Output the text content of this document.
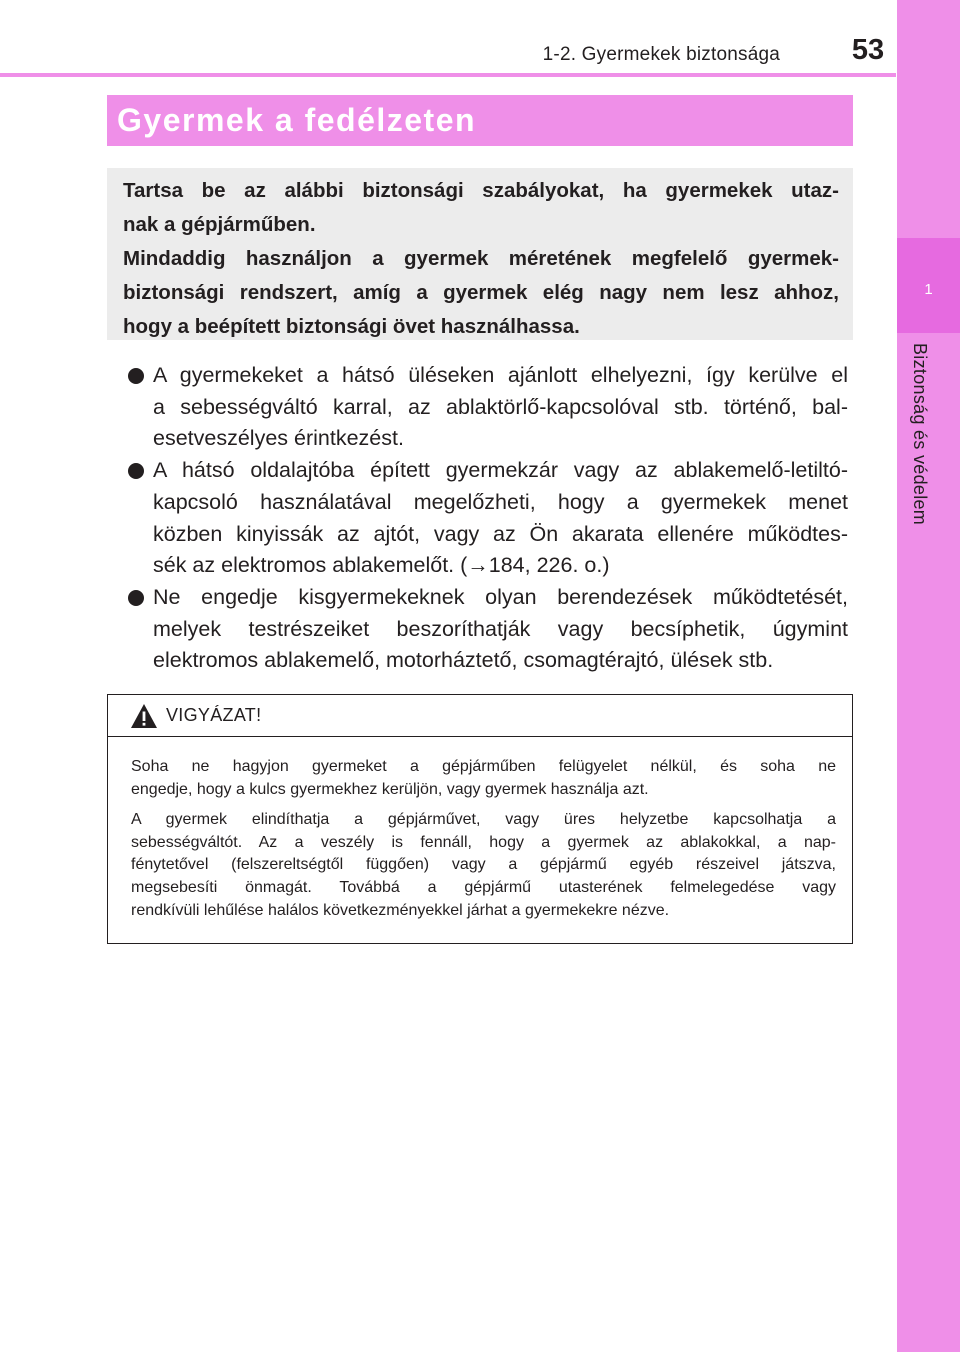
1-2. Gyermekek biztonsága	53
1
Biztonság és védelem
Gyermek a fedélzeten

Tartsa be az alábbi biztonsági szabályokat, ha gyermekek utaz-
nak a gépjárműben.
Mindaddig használjon a gyermek méretének megfelelő gyermek-
biztonsági rendszert, amíg a gyermek elég nagy nem lesz ahhoz,
hogy a beépített biztonsági övet használhassa.

A gyermekeket a hátsó üléseken ajánlott elhelyezni, így kerülve el
a sebességváltó karral, az ablaktörlő-kapcsolóval stb. történő, bal-
esetveszélyes érintkezést.

A hátsó oldalajtóba épített gyermekzár vagy az ablakemelő-letiltó-
kapcsoló használatával megelőzheti, hogy a gyermekek menet
közben kinyissák az ajtót, vagy az Ön akarata ellenére működtes-
sék az elektromos ablakemelőt. (→184, 226. o.)

Ne engedje kisgyermekeknek olyan berendezések működtetését,
melyek testrészeiket beszoríthatják vagy becsíphetik, úgymint
elektromos ablakemelő, motorháztető, csomagtérajtó, ülések stb.

VIGYÁZAT!

Soha ne hagyjon gyermeket a gépjárműben felügyelet nélkül, és soha ne
engedje, hogy a kulcs gyermekhez kerüljön, vagy gyermek használja azt.

A gyermek elindíthatja a gépjárművet, vagy üres helyzetbe kapcsolhatja a
sebességváltót. Az a veszély is fennáll, hogy a gyermek az ablakokkal, a nap-
fénytetővel (felszereltségtől függően) vagy a gépjármű egyéb részeivel játszva,
megsebesíti önmagát. Továbbá a gépjármű utasterének felmelegedése vagy
rendkívüli lehűlése halálos következményekkel járhat a gyermekekre nézve.
